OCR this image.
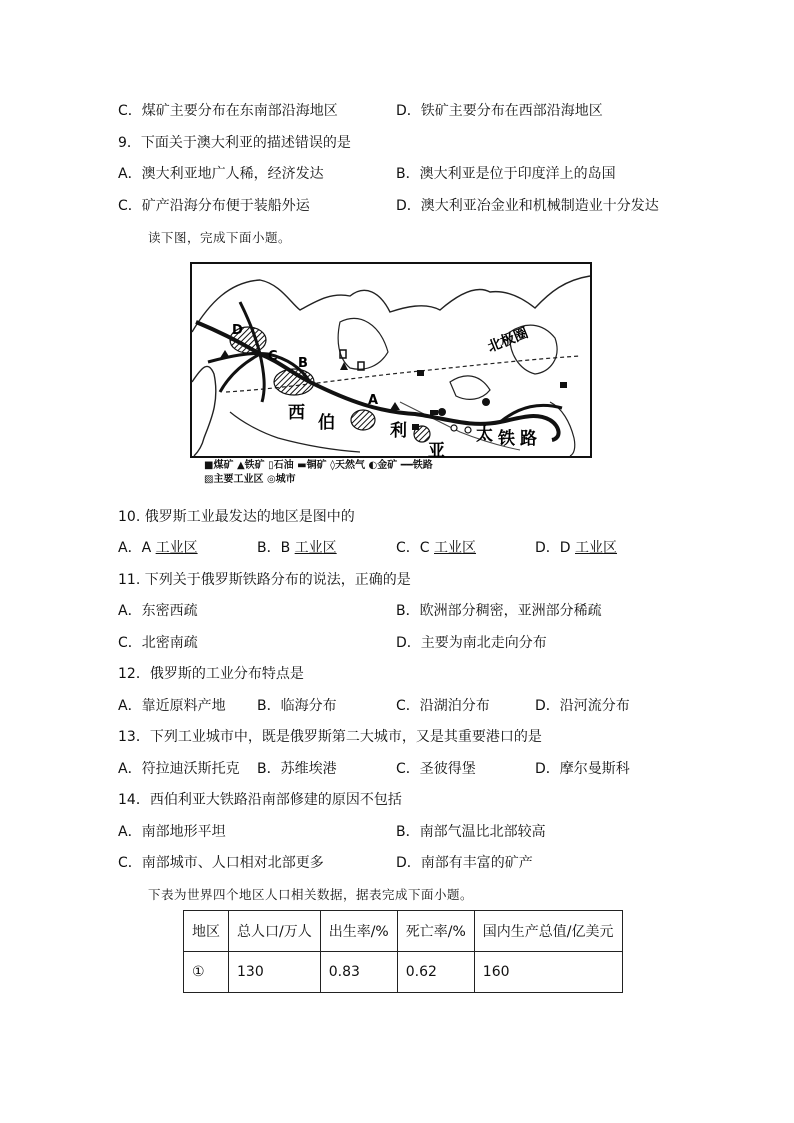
C．煤矿主要分布在东南部沿海地区	D．铁矿主要分布在西部沿海地区
9．下面关于澳大利亚的描述错误的是
A．澳大利亚地广人稀，经济发达	B．澳大利亚是位于印度洋上的岛国
C．矿产沿海分布便于装船外运	D．澳大利亚冶金业和机械制造业十分发达
读下图，完成下面小题。
北极圈
D
C B
A
西 伯	利
亚
太 铁 路
■煤矿 ▲铁矿 ▯石油 ▬铜矿 ◊天然气 ◐金矿 ━━铁路
▨主要工业区 ◎城市
10. 俄罗斯工业最发达的地区是图中的
A．A 工业区	B．B 工业区	C．C 工业区	D．D 工业区
11. 下列关于俄罗斯铁路分布的说法，正确的是
A．东密西疏	B．欧洲部分稠密，亚洲部分稀疏
C．北密南疏	D．主要为南北走向分布
12．俄罗斯的工业分布特点是
A．靠近原料产地 B．临海分布	C．沿湖泊分布	D．沿河流分布
13．下列工业城市中，既是俄罗斯第二大城市，又是其重要港口的是
A．符拉迪沃斯托克 B．苏维埃港	C．圣彼得堡	D．摩尔曼斯科
14．西伯利亚大铁路沿南部修建的原因不包括
A．南部地形平坦	B．南部气温比北部较高
C．南部城市、人口相对北部更多	D．南部有丰富的矿产
下表为世界四个地区人口相关数据，据表完成下面小题。
地区	总人口/万人	出生率/%	死亡率/%	国内生产总值/亿美元
①	130	0.83	0.62	160
